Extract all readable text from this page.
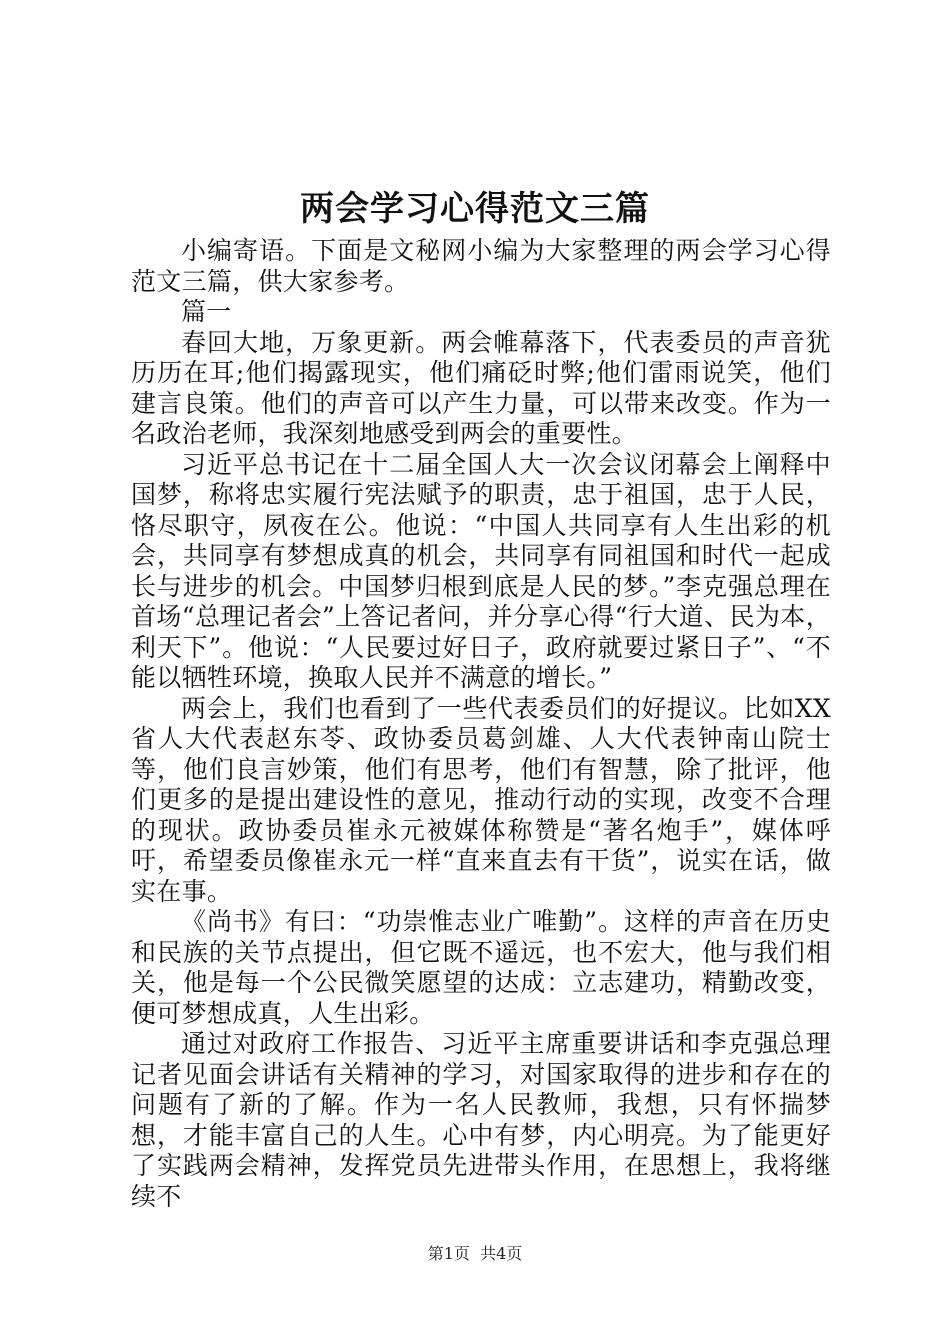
两会学习心得范文三篇

小编寄语。下面是文秘网小编为大家整理的两会学习心得范文三篇，供大家参考。

篇一

春回大地，万象更新。两会帷幕落下，代表委员的声音犹历历在耳;他们揭露现实，他们痛砭时弊;他们雷雨说笑，他们建言良策。他们的声音可以产生力量，可以带来改变。作为一名政治老师，我深刻地感受到两会的重要性。

习近平总书记在十二届全国人大一次会议闭幕会上阐释中国梦，称将忠实履行宪法赋予的职责，忠于祖国，忠于人民，恪尽职守，夙夜在公。他说：“中国人共同享有人生出彩的机会，共同享有梦想成真的机会，共同享有同祖国和时代一起成长与进步的机会。中国梦归根到底是人民的梦。”李克强总理在首场“总理记者会”上答记者问，并分享心得“行大道、民为本，利天下”。他说：“人民要过好日子，政府就要过紧日子”、“不能以牺牲环境，换取人民并不满意的增长。”

两会上，我们也看到了一些代表委员们的好提议。比如XX省人大代表赵东苓、政协委员葛剑雄、人大代表钟南山院士等，他们良言妙策，他们有思考，他们有智慧，除了批评，他们更多的是提出建设性的意见，推动行动的实现，改变不合理的现状。政协委员崔永元被媒体称赞是“著名炮手”，媒体呼吁，希望委员像崔永元一样“直来直去有干货”，说实在话，做实在事。

《尚书》有曰：“功崇惟志业广唯勤”。这样的声音在历史和民族的关节点提出，但它既不遥远，也不宏大，他与我们相关，他是每一个公民微笑愿望的达成：立志建功，精勤改变，便可梦想成真，人生出彩。

通过对政府工作报告、习近平主席重要讲话和李克强总理记者见面会讲话有关精神的学习，对国家取得的进步和存在的问题有了新的了解。作为一名人民教师，我想，只有怀揣梦想，才能丰富自己的人生。心中有梦，内心明亮。为了能更好了实践两会精神，发挥党员先进带头作用，在思想上，我将继续不

第1页  共4页
